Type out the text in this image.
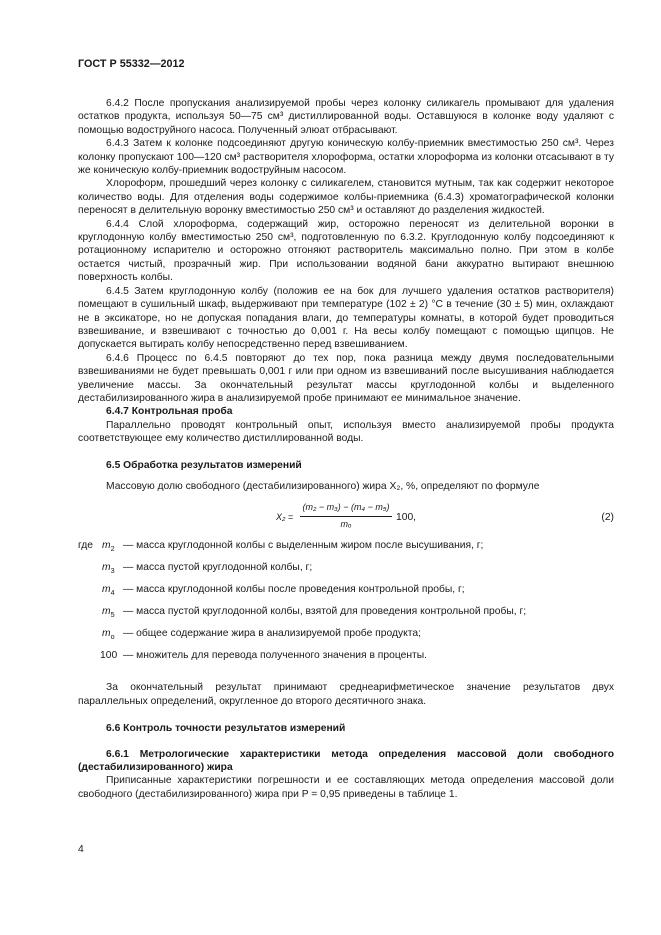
ГОСТ Р 55332—2012

6.4.2 После пропускания анализируемой пробы через колонку силикагель промывают для удаления остатков продукта, используя 50—75 см³ дистиллированной воды. Оставшуюся в колонке воду удаляют с помощью водоструйного насоса. Полученный элюат отбрасывают.

6.4.3 Затем к колонке подсоединяют другую коническую колбу-приемник вместимостью 250 см³. Через колонку пропускают 100—120 см³ растворителя хлороформа, остатки хлороформа из колонки отсасывают в ту же коническую колбу-приемник водоструйным насосом.

Хлороформ, прошедший через колонку с силикагелем, становится мутным, так как содержит некоторое количество воды. Для отделения воды содержимое колбы-приемника (6.4.3) хроматографической колонки переносят в делительную воронку вместимостью 250 см³ и оставляют до разделения жидкостей.

6.4.4 Слой хлороформа, содержащий жир, осторожно переносят из делительной воронки в круглодонную колбу вместимостью 250 см³, подготовленную по 6.3.2. Круглодонную колбу подсоединяют к ротационному испарителю и осторожно отгоняют растворитель максимально полно. При этом в колбе остается чистый, прозрачный жир. При использовании водяной бани аккуратно вытирают внешнюю поверхность колбы.

6.4.5 Затем круглодонную колбу (положив ее на бок для лучшего удаления остатков растворителя) помещают в сушильный шкаф, выдерживают при температуре (102 ± 2) °С в течение (30 ± 5) мин, охлаждают не в эксикаторе, но не допуская попадания влаги, до температуры комнаты, в которой будет проводиться взвешивание, и взвешивают с точностью до 0,001 г. На весы колбу помещают с помощью щипцов. Не допускается вытирать колбу непосредственно перед взвешиванием.

6.4.6 Процесс по 6.4.5 повторяют до тех пор, пока разница между двумя последовательными взвешиваниями не будет превышать 0,001 г или при одном из взвешиваний после высушивания наблюдается увеличение массы. За окончательный результат массы круглодонной колбы и выделенного дестабилизированного жира в анализируемой пробе принимают ее минимальное значение.

6.4.7 Контрольная проба

Параллельно проводят контрольный опыт, используя вместо анализируемой пробы продукта соответствующее ему количество дистиллированной воды.

6.5 Обработка результатов измерений

Массовую долю свободного (дестабилизированного) жира X₂, %, определяют по формуле

$X_2 = \frac{\text{(m₂ − m₃) − (m₄ − m₅)}}{\text{mₒ}} 100$,	(2)
где $m_2$ — масса круглодонной колбы с выделенным жиром после высушивания, г;
$m_3$ — масса пустой круглодонной колбы, г;
$m_4$ — масса круглодонной колбы после проведения контрольной пробы, г;
$m_5$ — масса пустой круглодонной колбы, взятой для проведения контрольной пробы, г;
$m_о$ — общее содержание жира в анализируемой пробе продукта;
100 — множитель для перевода полученного значения в проценты.

За окончательный результат принимают среднеарифметическое значение результатов двух параллельных определений, округленное до второго десятичного знака.

6.6 Контроль точности результатов измерений

6.6.1 Метрологические характеристики метода определения массовой доли свободного (дестабилизированного) жира

Приписанные характеристики погрешности и ее составляющих метода определения массовой доли свободного (дестабилизированного) жира при P = 0,95 приведены в таблице 1.

4
